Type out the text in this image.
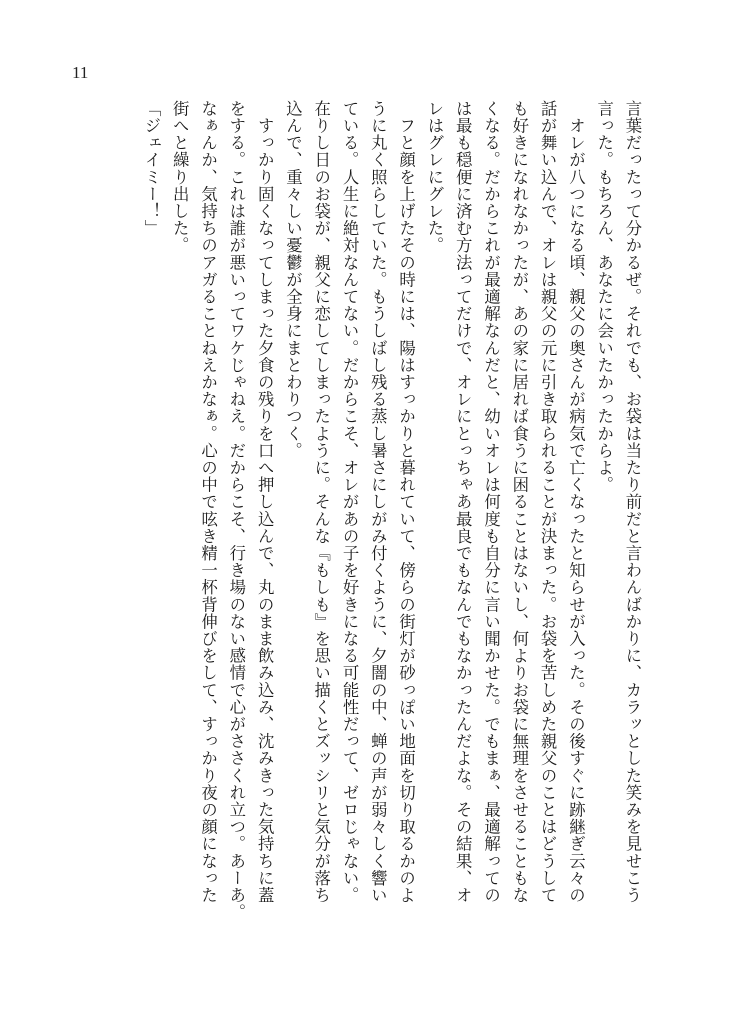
11
言葉だったって分かるぜ。それでも、お袋は当たり前だと言わんばかりに、カラッとした笑みを見せこう
言った。もちろん、あなたに会いたかったからよ。
　オレが八つになる頃、親父の奥さんが病気で亡くなったと知らせが入った。その後すぐに跡継ぎ云々の
話が舞い込んで、オレは親父の元に引き取られることが決まった。お袋を苦しめた親父のことはどうして
も好きになれなかったが、あの家に居れば食うに困ることはないし、何よりお袋に無理をさせることもな
くなる。だからこれが最適解なんだと、幼いオレは何度も自分に言い聞かせた。でもまぁ、最適解っての
は最も穏便に済む方法ってだけで、オレにとっちゃあ最良でもなんでもなかったんだよな。その結果、オ
レはグレにグレた。
　フと顔を上げたその時には、陽はすっかりと暮れていて、傍らの街灯が砂っぽい地面を切り取るかのよ
うに丸く照らしていた。もうしばし残る蒸し暑さにしがみ付くように、夕闇の中、蝉の声が弱々しく響い
ている。人生に絶対なんてない。だからこそ、オレがあの子を好きになる可能性だって、ゼロじゃない。
在りし日のお袋が、親父に恋してしまったように。そんな『もしも』を思い描くとズッシリと気分が落ち
込んで、重々しい憂鬱が全身にまとわりつく。
　すっかり固くなってしまった夕食の残りを口へ押し込んで、丸のまま飲み込み、沈みきった気持ちに蓋
をする。これは誰が悪いってワケじゃねえ。だからこそ、行き場のない感情で心がささくれ立つ。あーあ。
なぁんか、気持ちのアガることねえかなぁ。心の中で呟き精一杯背伸びをして、すっかり夜の顔になった
街へと繰り出した。
「ジェイミー！」
